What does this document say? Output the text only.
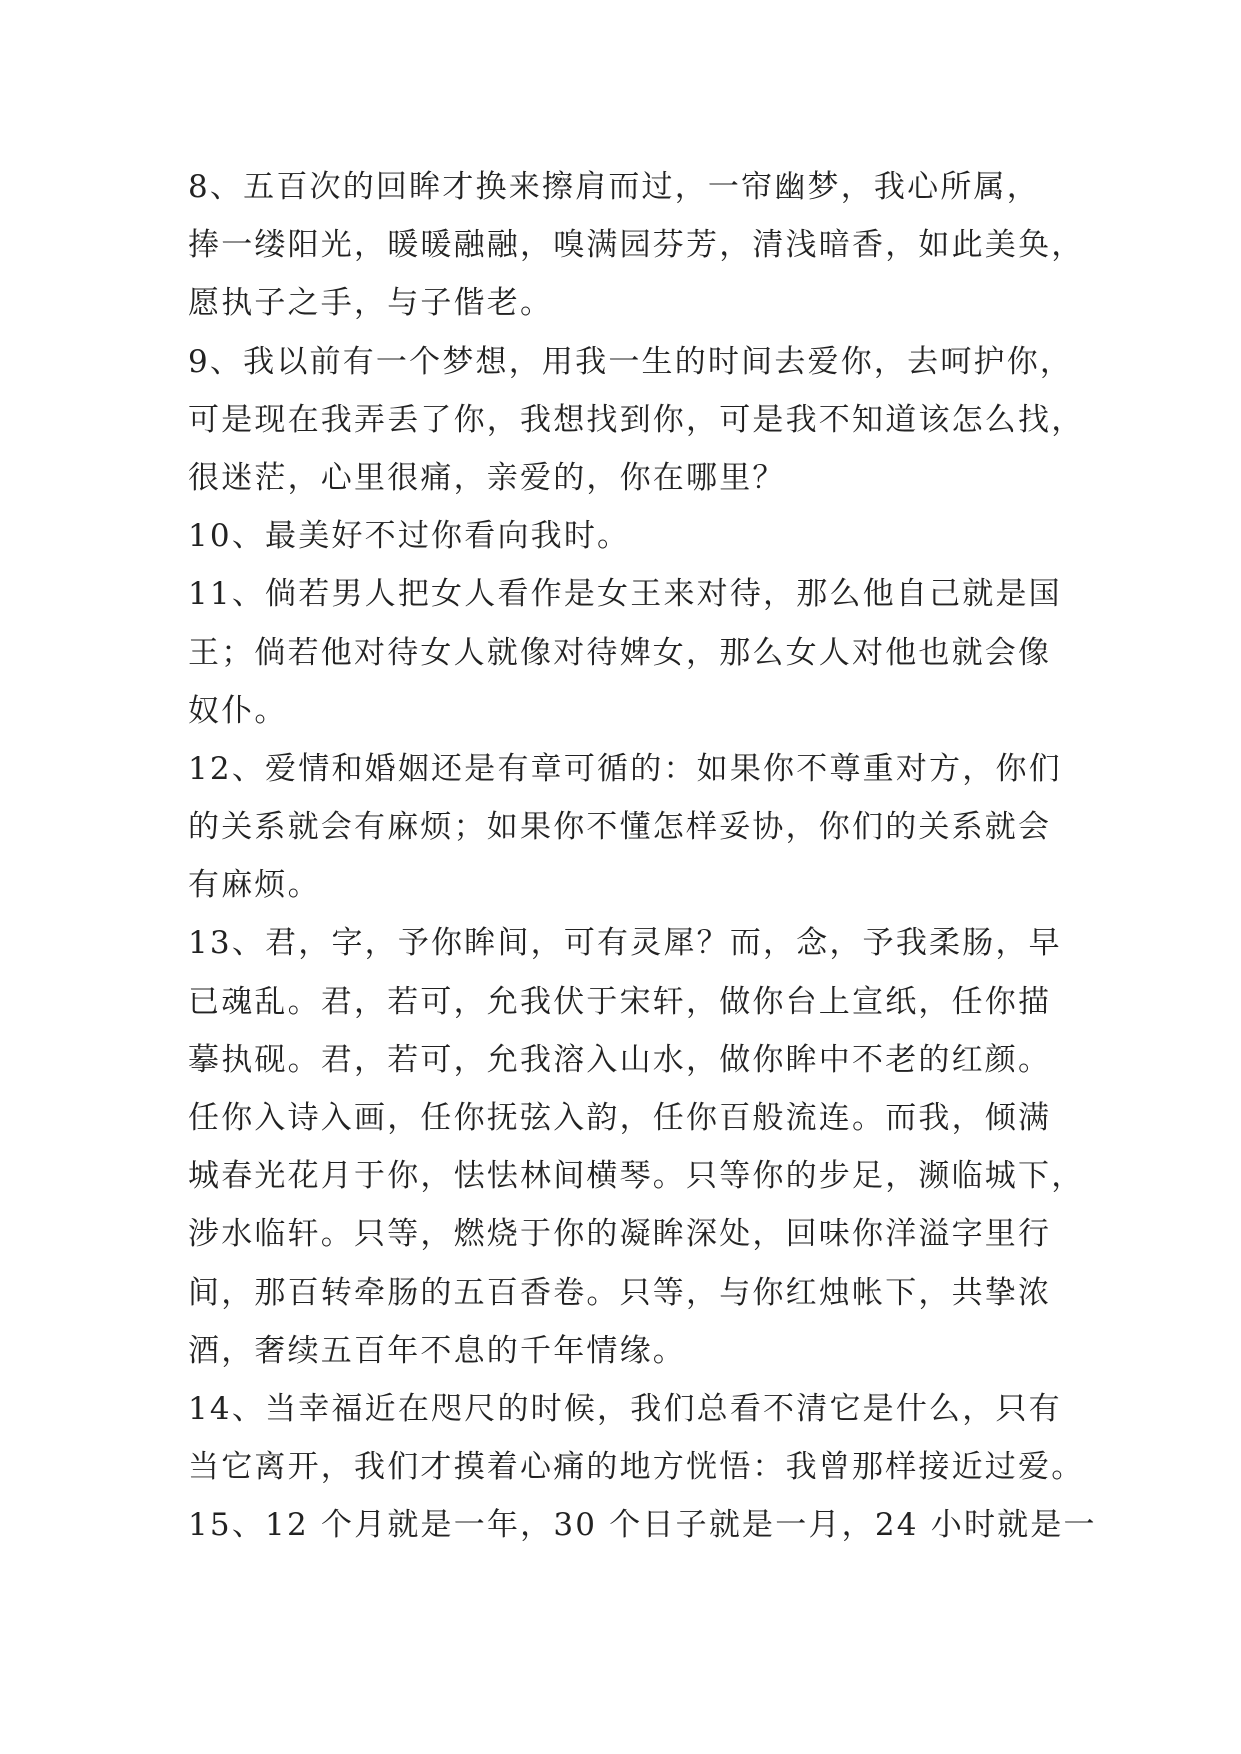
8、五百次的回眸才换来擦肩而过，一帘幽梦，我心所属，
捧一缕阳光，暖暖融融，嗅满园芬芳，清浅暗香，如此美奂，
愿执子之手，与子偕老。
9、我以前有一个梦想，用我一生的时间去爱你，去呵护你，
可是现在我弄丢了你，我想找到你，可是我不知道该怎么找，
很迷茫，心里很痛，亲爱的，你在哪里？
10、最美好不过你看向我时。
11、倘若男人把女人看作是女王来对待，那么他自己就是国
王；倘若他对待女人就像对待婢女，那么女人对他也就会像
奴仆。
12、爱情和婚姻还是有章可循的：如果你不尊重对方，你们
的关系就会有麻烦；如果你不懂怎样妥协，你们的关系就会
有麻烦。
13、君，字，予你眸间，可有灵犀？而，念，予我柔肠，早
已魂乱。君，若可，允我伏于宋轩，做你台上宣纸，任你描
摹执砚。君，若可，允我溶入山水，做你眸中不老的红颜。
任你入诗入画，任你抚弦入韵，任你百般流连。而我，倾满
城春光花月于你，怯怯林间横琴。只等你的步足，濒临城下，
涉水临轩。只等，燃烧于你的凝眸深处，回味你洋溢字里行
间，那百转牵肠的五百香卷。只等，与你红烛帐下，共挚浓
酒，奢续五百年不息的千年情缘。
14、当幸福近在咫尺的时候，我们总看不清它是什么，只有
当它离开，我们才摸着心痛的地方恍悟：我曾那样接近过爱。
15、12 个月就是一年，30 个日子就是一月，24 小时就是一
